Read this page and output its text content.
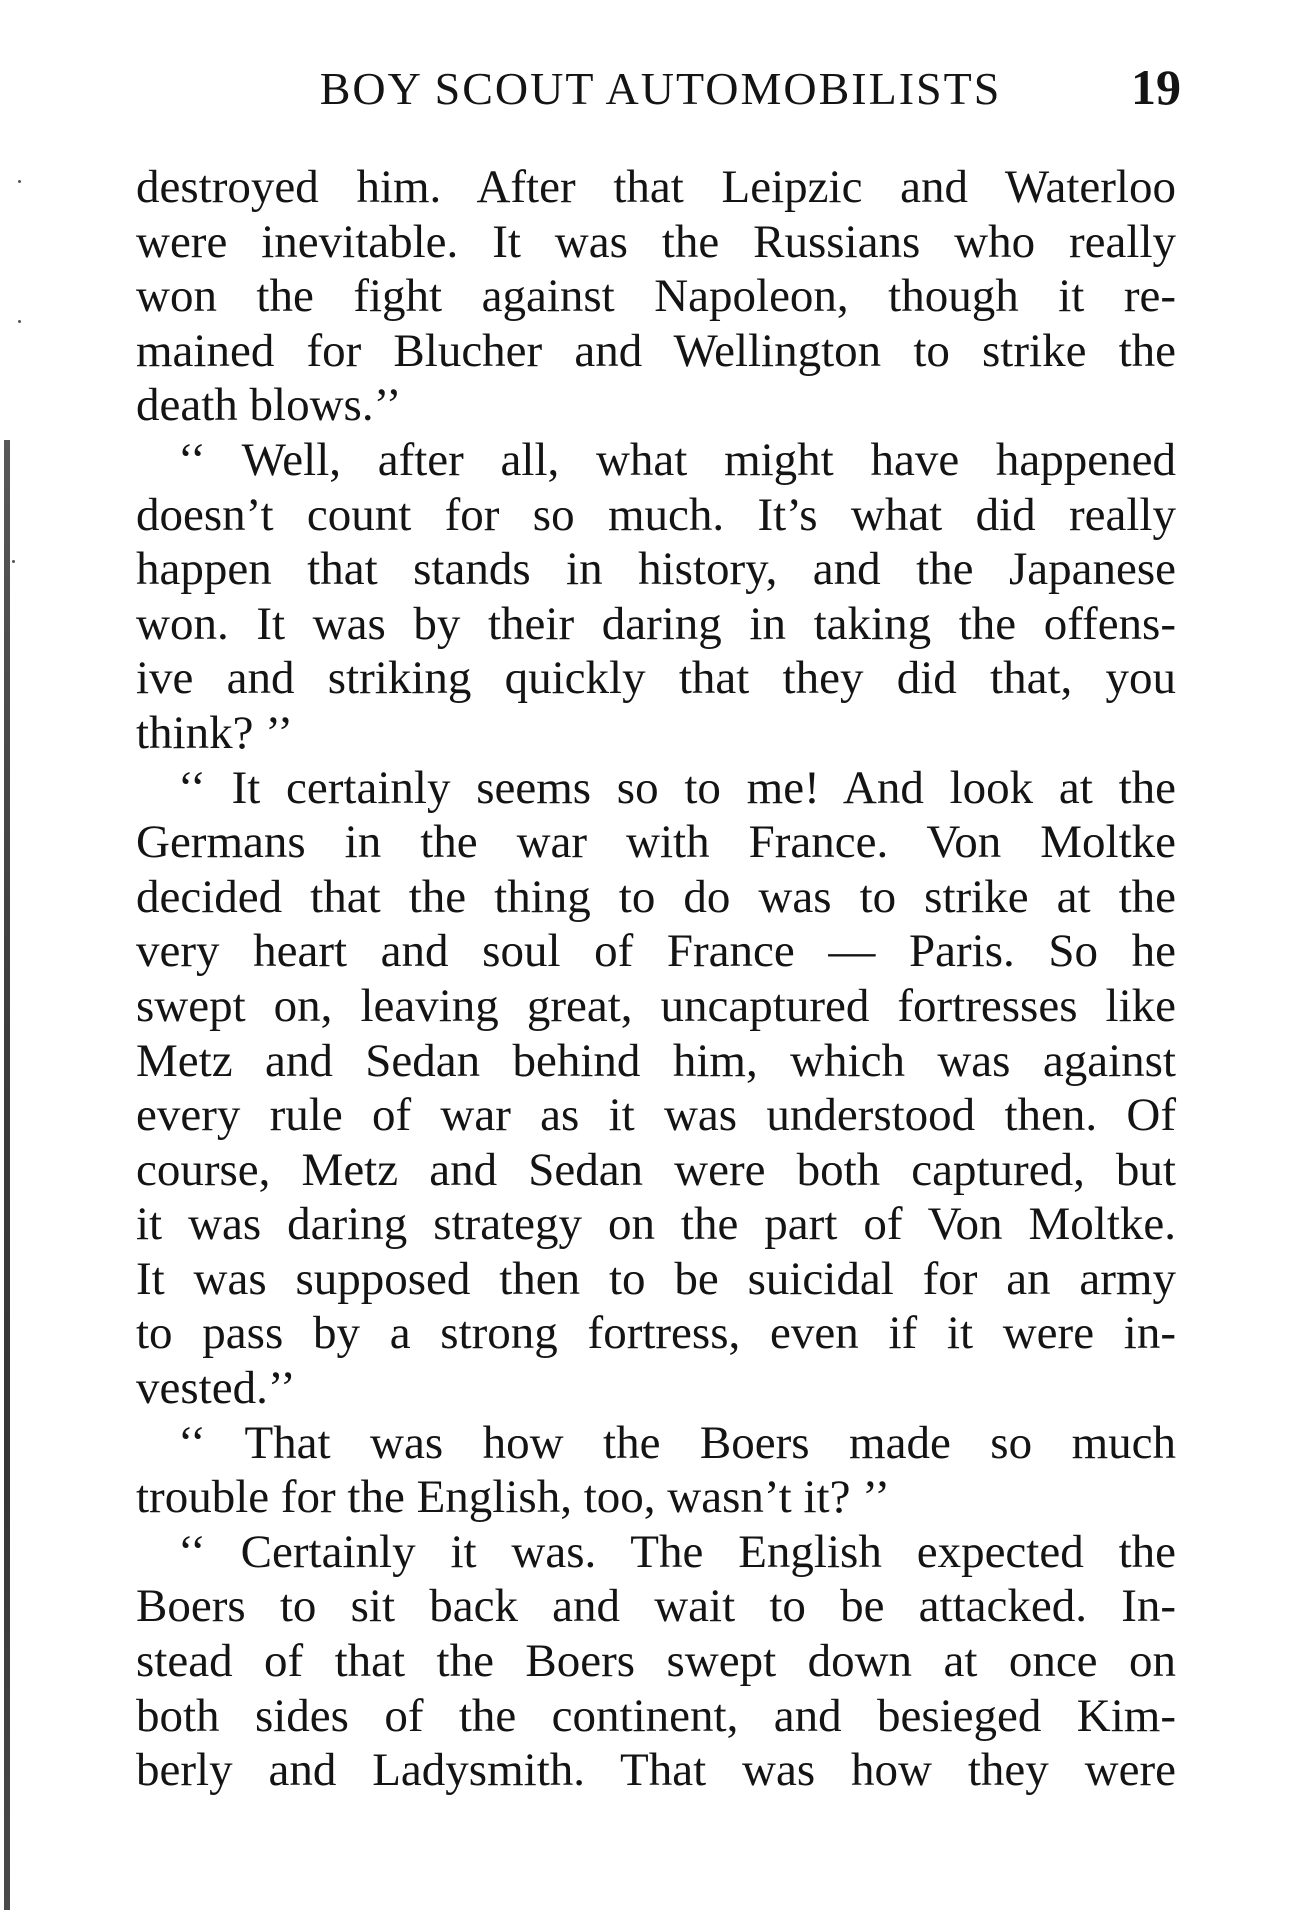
BOY SCOUT AUTOMOBILISTS	19
destroyed him. After that Leipzic and Waterloo
were inevitable. It was the Russians who really
won the fight against Napoleon, though it re-
mained for Blucher and Wellington to strike the
death blows.’’
‘‘ Well, after all, what might have happened
doesn’t count for so much. It’s what did really
happen that stands in history, and the Japanese
won. It was by their daring in taking the offens-
ive and striking quickly that they did that, you
think? ’’
‘‘ It certainly seems so to me! And look at the
Germans in the war with France. Von Moltke
decided that the thing to do was to strike at the
very heart and soul of France — Paris. So he
swept on, leaving great, uncaptured fortresses like
Metz and Sedan behind him, which was against
every rule of war as it was understood then. Of
course, Metz and Sedan were both captured, but
it was daring strategy on the part of Von Moltke.
It was supposed then to be suicidal for an army
to pass by a strong fortress, even if it were in-
vested.’’
‘‘ That was how the Boers made so much
trouble for the English, too, wasn’t it? ’’
‘‘ Certainly it was. The English expected the
Boers to sit back and wait to be attacked. In-
stead of that the Boers swept down at once on
both sides of the continent, and besieged Kim-
berly and Ladysmith. That was how they were
